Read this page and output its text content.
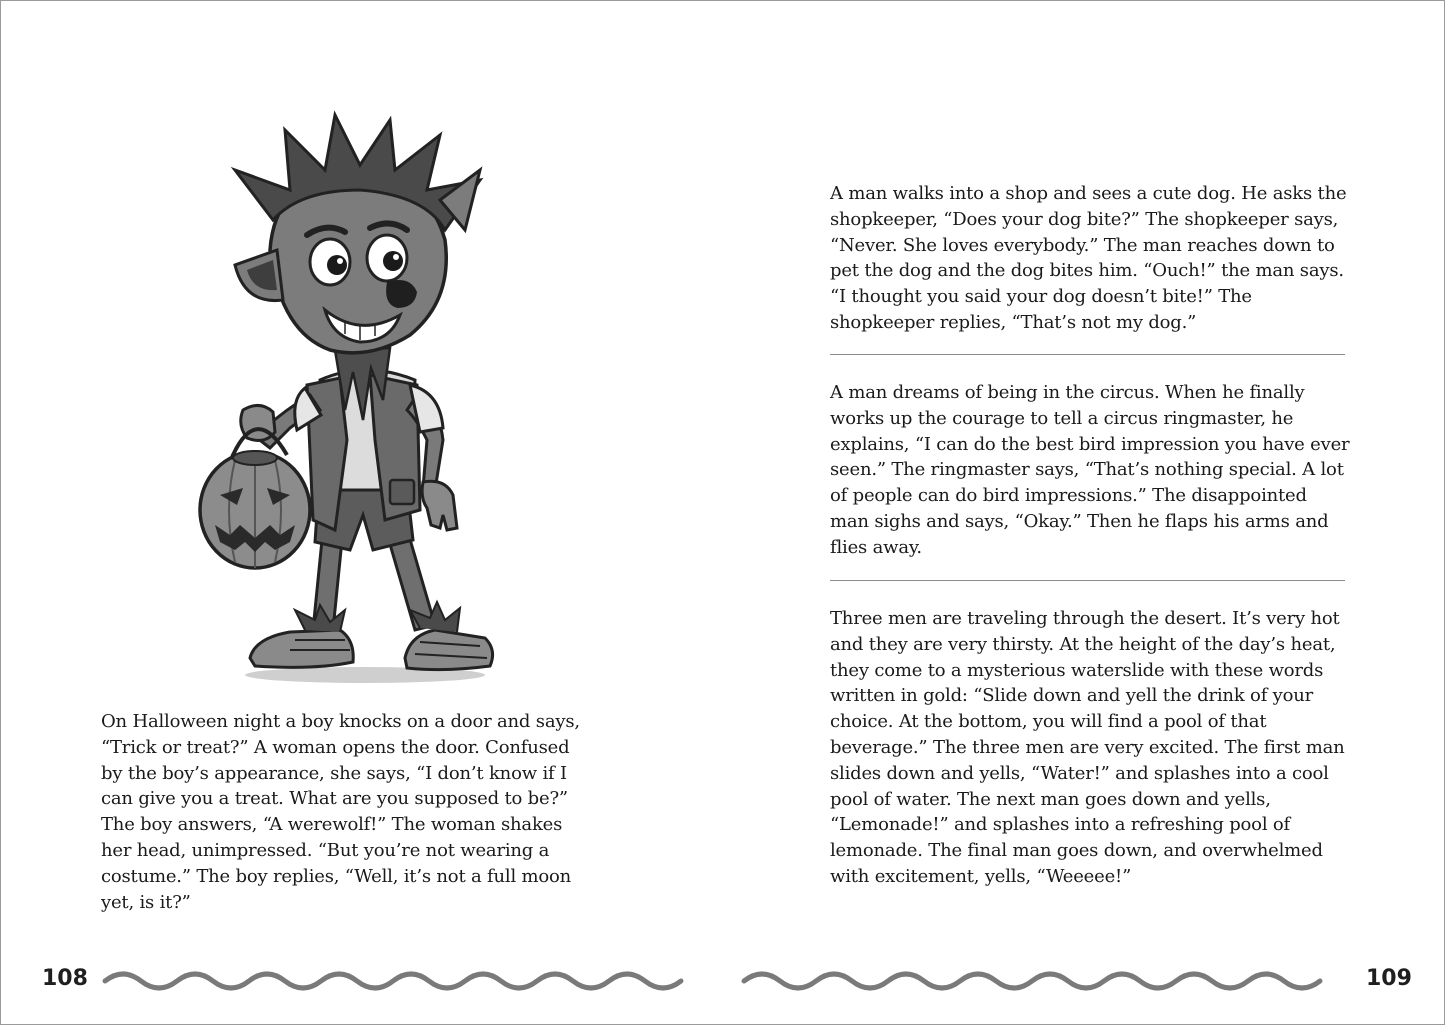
On Halloween night a boy knocks on a door and says, “Trick or treat?” A woman opens the door. Confused by the boy’s appearance, she says, “I don’t know if I can give you a treat. What are you supposed to be?” The boy answers, “A werewolf!” The woman shakes her head, unimpressed. “But you’re not wearing a costume.” The boy replies, “Well, it’s not a full moon yet, is it?”

108

A man walks into a shop and sees a cute dog. He asks the shopkeeper, “Does your dog bite?” The shopkeeper says, “Never. She loves everybody.” The man reaches down to pet the dog and the dog bites him. “Ouch!” the man says. “I thought you said your dog doesn’t bite!” The shopkeeper replies, “That’s not my dog.”

A man dreams of being in the circus. When he finally works up the courage to tell a circus ringmaster, he explains, “I can do the best bird impression you have ever seen.” The ringmaster says, “That’s nothing special. A lot of people can do bird impressions.” The disappointed man sighs and says, “Okay.” Then he flaps his arms and flies away.

Three men are traveling through the desert. It’s very hot and they are very thirsty. At the height of the day’s heat, they come to a mysterious waterslide with these words written in gold: “Slide down and yell the drink of your choice. At the bottom, you will find a pool of that beverage.” The three men are very excited. The first man slides down and yells, “Water!” and splashes into a cool pool of water. The next man goes down and yells, “Lemonade!” and splashes into a refreshing pool of lemonade. The final man goes down, and overwhelmed with excitement, yells, “Weeeee!”

109
